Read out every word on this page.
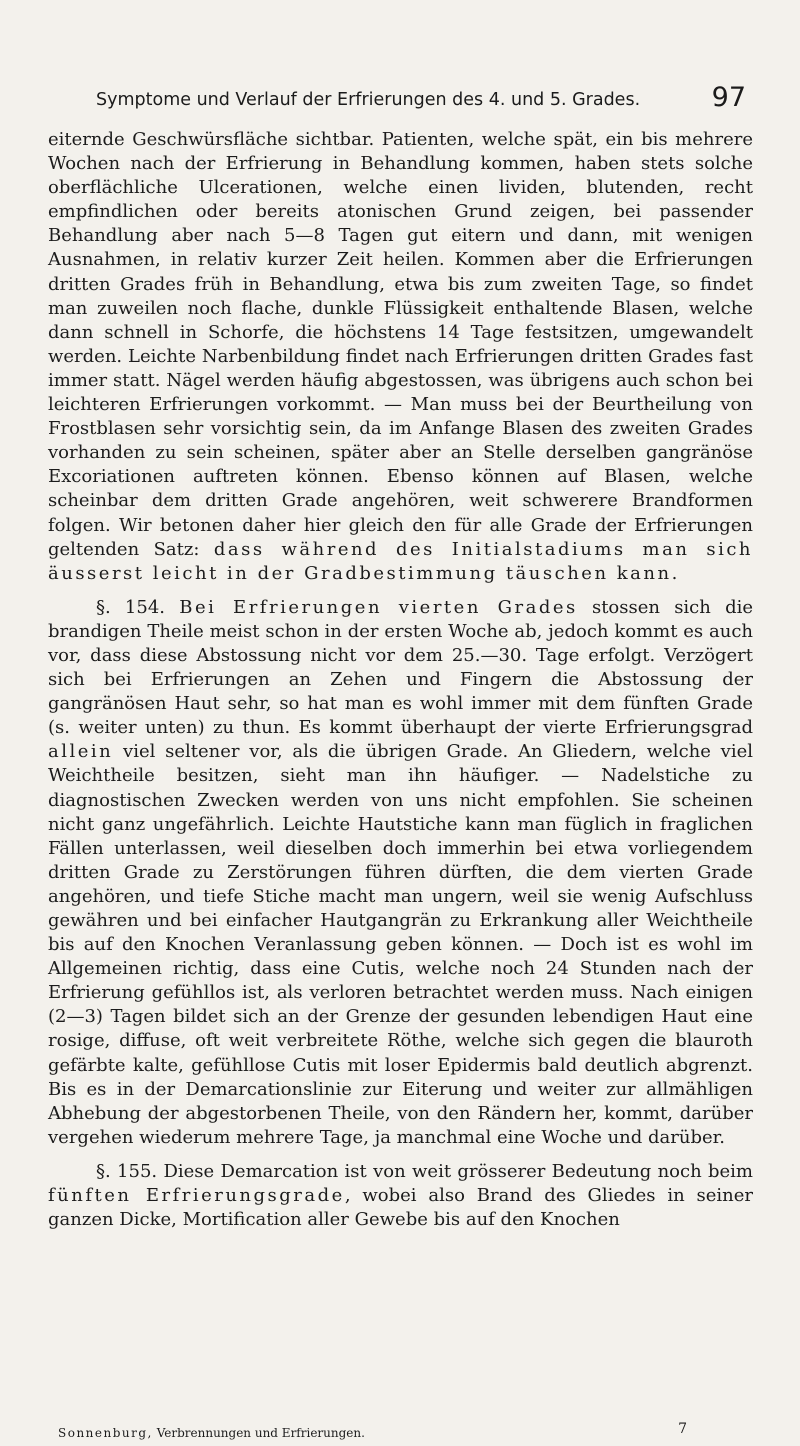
Symptome und Verlauf der Erfrierungen des 4. und 5. Grades.	97

eiternde Geschwürsfläche sichtbar. Patienten, welche spät, ein bis mehrere Wochen nach der Erfrierung in Behandlung kommen, haben stets solche oberflächliche Ulcerationen, welche einen lividen, blutenden, recht empfindlichen oder bereits atonischen Grund zeigen, bei passender Behandlung aber nach 5—8 Tagen gut eitern und dann, mit wenigen Ausnahmen, in relativ kurzer Zeit heilen. Kommen aber die Erfrierungen dritten Grades früh in Behandlung, etwa bis zum zweiten Tage, so findet man zuweilen noch flache, dunkle Flüssigkeit enthaltende Blasen, welche dann schnell in Schorfe, die höchstens 14 Tage festsitzen, umgewandelt werden. Leichte Narbenbildung findet nach Erfrierungen dritten Grades fast immer statt. Nägel werden häufig abgestossen, was übrigens auch schon bei leichteren Erfrierungen vorkommt. — Man muss bei der Beurtheilung von Frostblasen sehr vorsichtig sein, da im Anfange Blasen des zweiten Grades vorhanden zu sein scheinen, später aber an Stelle derselben gangränöse Excoriationen auftreten können. Ebenso können auf Blasen, welche scheinbar dem dritten Grade angehören, weit schwerere Brandformen folgen. Wir betonen daher hier gleich den für alle Grade der Erfrierungen geltenden Satz: dass während des Initialstadiums man sich äusserst leicht in der Gradbestimmung täuschen kann.

§. 154. Bei Erfrierungen vierten Grades stossen sich die brandigen Theile meist schon in der ersten Woche ab, jedoch kommt es auch vor, dass diese Abstossung nicht vor dem 25.—30. Tage erfolgt. Verzögert sich bei Erfrierungen an Zehen und Fingern die Abstossung der gangränösen Haut sehr, so hat man es wohl immer mit dem fünften Grade (s. weiter unten) zu thun. Es kommt überhaupt der vierte Erfrierungsgrad allein viel seltener vor, als die übrigen Grade. An Gliedern, welche viel Weichtheile besitzen, sieht man ihn häufiger. — Nadelstiche zu diagnostischen Zwecken werden von uns nicht empfohlen. Sie scheinen nicht ganz ungefährlich. Leichte Hautstiche kann man füglich in fraglichen Fällen unterlassen, weil dieselben doch immerhin bei etwa vorliegendem dritten Grade zu Zerstörungen führen dürften, die dem vierten Grade angehören, und tiefe Stiche macht man ungern, weil sie wenig Aufschluss gewähren und bei einfacher Hautgangrän zu Erkrankung aller Weichtheile bis auf den Knochen Veranlassung geben können. — Doch ist es wohl im Allgemeinen richtig, dass eine Cutis, welche noch 24 Stunden nach der Erfrierung gefühllos ist, als verloren betrachtet werden muss. Nach einigen (2—3) Tagen bildet sich an der Grenze der gesunden lebendigen Haut eine rosige, diffuse, oft weit verbreitete Röthe, welche sich gegen die blauroth gefärbte kalte, gefühllose Cutis mit loser Epidermis bald deutlich abgrenzt. Bis es in der Demarcationslinie zur Eiterung und weiter zur allmähligen Abhebung der abgestorbenen Theile, von den Rändern her, kommt, darüber vergehen wiederum mehrere Tage, ja manchmal eine Woche und darüber.

§. 155. Diese Demarcation ist von weit grösserer Bedeutung noch beim fünften Erfrierungsgrade, wobei also Brand des Gliedes in seiner ganzen Dicke, Mortification aller Gewebe bis auf den Knochen

Sonnenburg, Verbrennungen und Erfrierungen.	7
